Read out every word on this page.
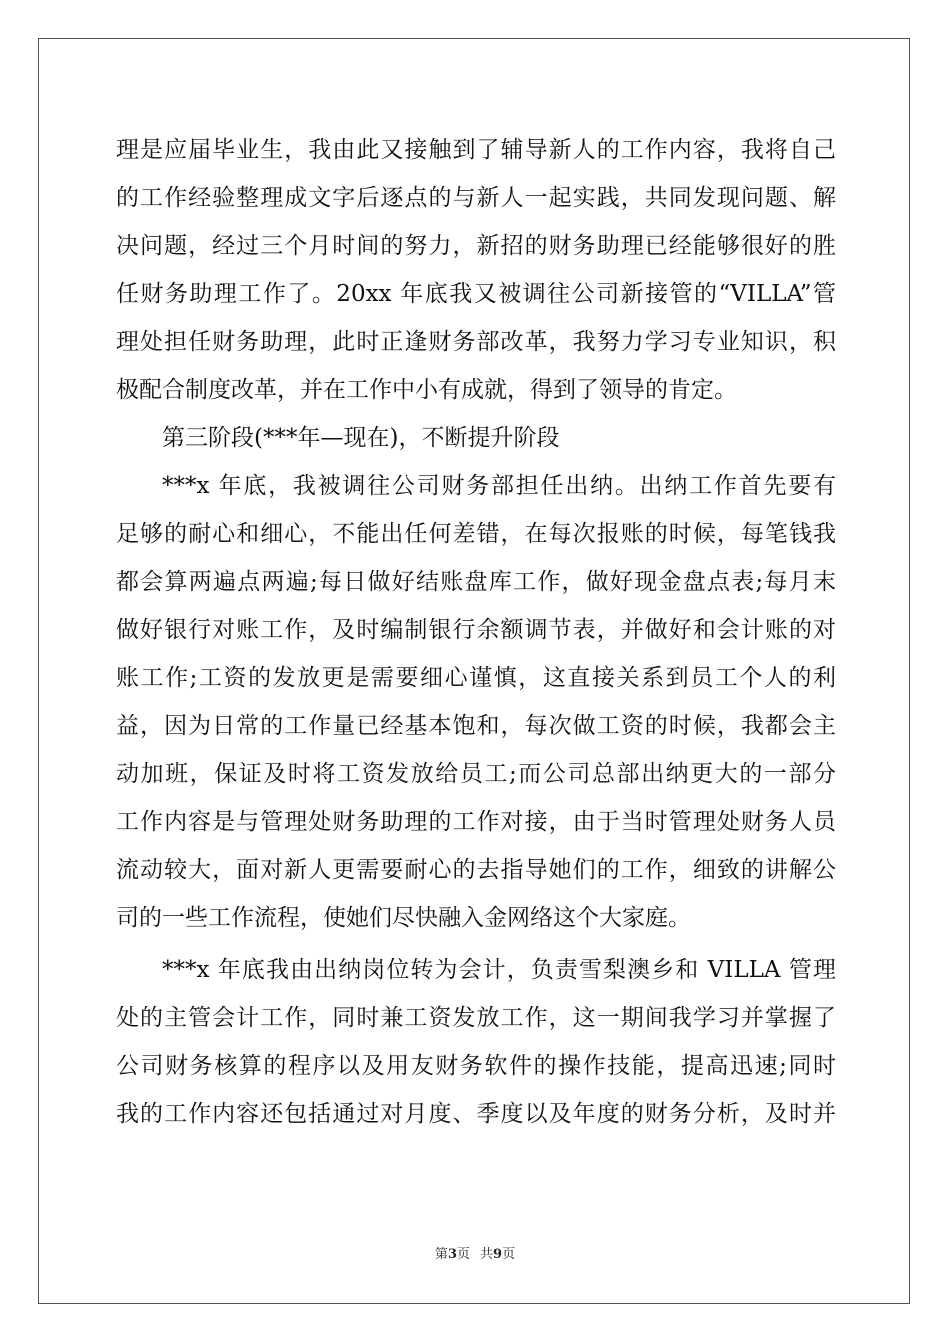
理是应届毕业生，我由此又接触到了辅导新人的工作内容，我将自己
的工作经验整理成文字后逐点的与新人一起实践，共同发现问题、解
决问题，经过三个月时间的努力，新招的财务助理已经能够很好的胜
任财务助理工作了。20xx 年底我又被调往公司新接管的“VILLA”管
理处担任财务助理，此时正逢财务部改革，我努力学习专业知识，积
极配合制度改革，并在工作中小有成就，得到了领导的肯定。
第三阶段(***年—现在)，不断提升阶段
***x 年底，我被调往公司财务部担任出纳。出纳工作首先要有
足够的耐心和细心，不能出任何差错，在每次报账的时候，每笔钱我
都会算两遍点两遍;每日做好结账盘库工作，做好现金盘点表;每月末
做好银行对账工作，及时编制银行余额调节表，并做好和会计账的对
账工作;工资的发放更是需要细心谨慎，这直接关系到员工个人的利
益，因为日常的工作量已经基本饱和，每次做工资的时候，我都会主
动加班，保证及时将工资发放给员工;而公司总部出纳更大的一部分
工作内容是与管理处财务助理的工作对接，由于当时管理处财务人员
流动较大，面对新人更需要耐心的去指导她们的工作，细致的讲解公
司的一些工作流程，使她们尽快融入金网络这个大家庭。
***x 年底我由出纳岗位转为会计，负责雪梨澳乡和 VILLA 管理
处的主管会计工作，同时兼工资发放工作，这一期间我学习并掌握了
公司财务核算的程序以及用友财务软件的操作技能，提高迅速;同时
我的工作内容还包括通过对月度、季度以及年度的财务分析，及时并
第3页 共9页
